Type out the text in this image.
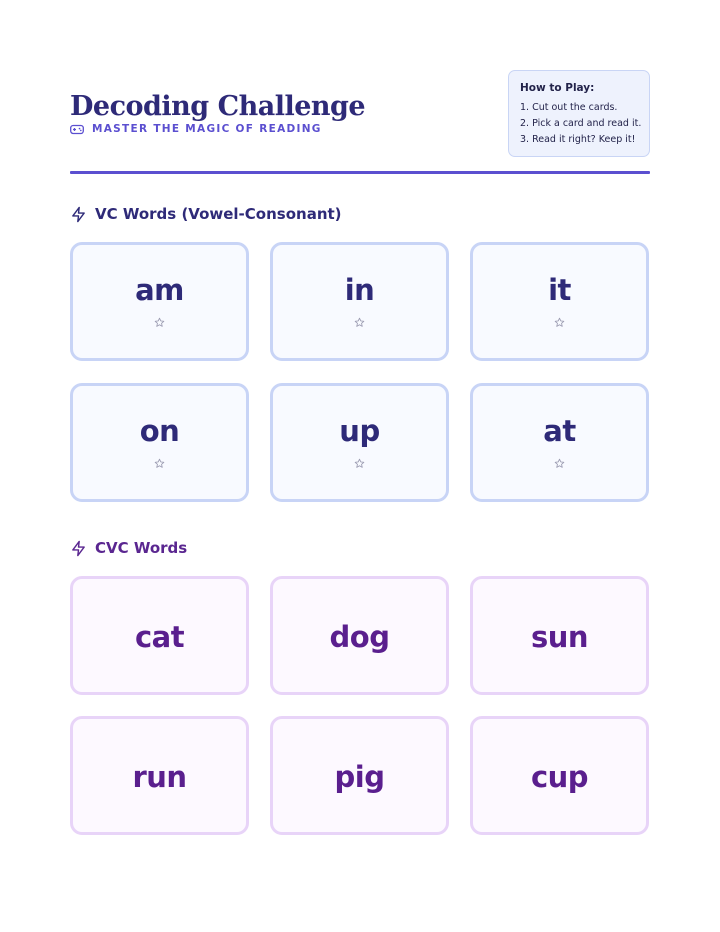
Decoding Challenge
MASTER THE MAGIC OF READING
How to Play:
1. Cut out the cards.
2. Pick a card and read it.
3. Read it right? Keep it!
VC Words (Vowel-Consonant)
am	in	it
on	up	at
CVC Words
cat	dog	sun
run	pig	cup
